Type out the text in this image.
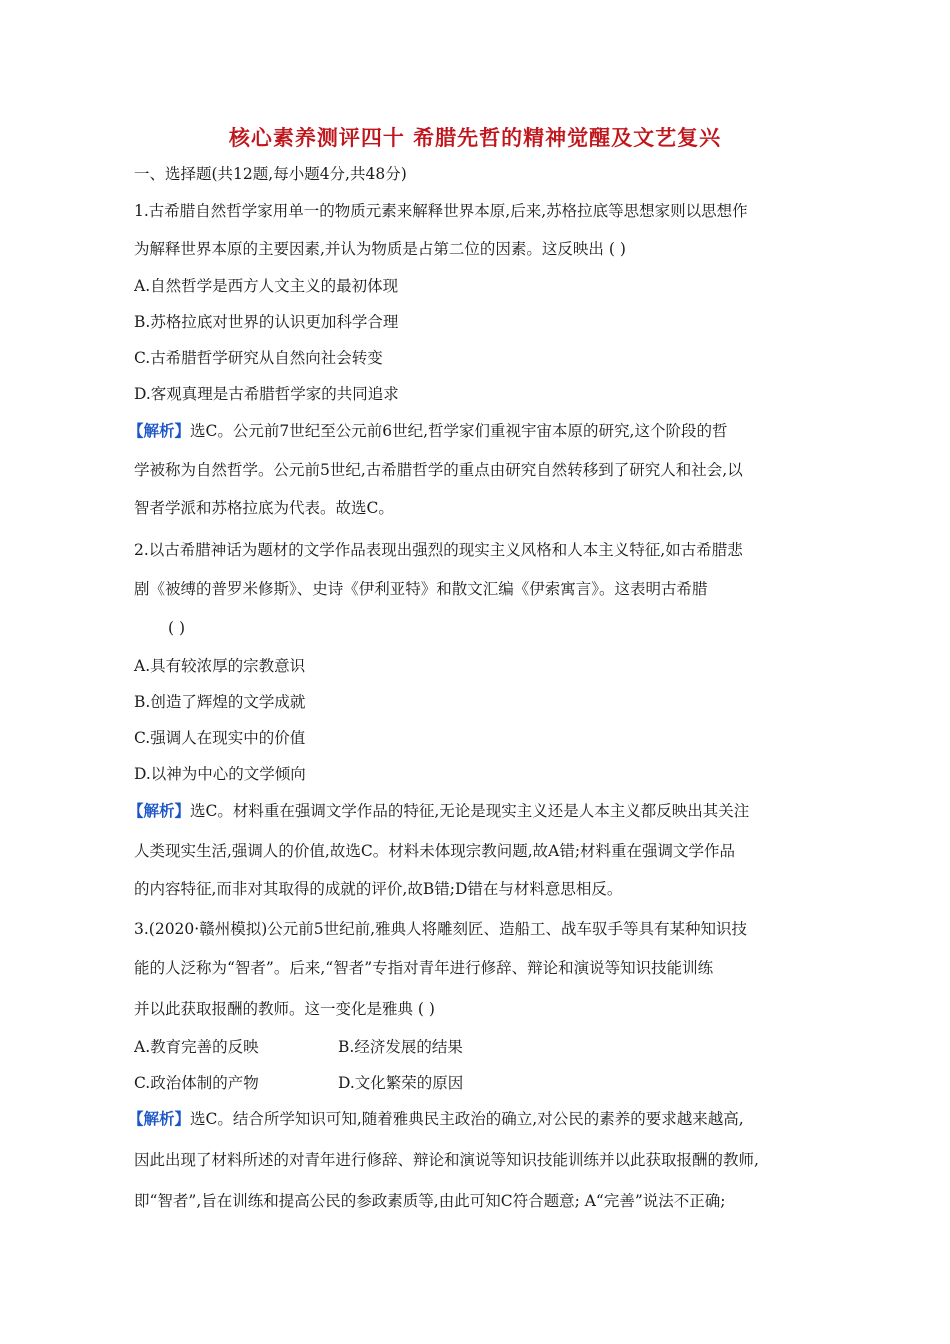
核心素养测评四十 希腊先哲的精神觉醒及文艺复兴
一、选择题(共12题,每小题4分,共48分)
1.古希腊自然哲学家用单一的物质元素来解释世界本原,后来,苏格拉底等思想家则以思想作
为解释世界本原的主要因素,并认为物质是占第二位的因素。这反映出 ( )
A.自然哲学是西方人文主义的最初体现
B.苏格拉底对世界的认识更加科学合理
C.古希腊哲学研究从自然向社会转变
D.客观真理是古希腊哲学家的共同追求
【解析】选C。公元前7世纪至公元前6世纪,哲学家们重视宇宙本原的研究,这个阶段的哲
学被称为自然哲学。公元前5世纪,古希腊哲学的重点由研究自然转移到了研究人和社会,以
智者学派和苏格拉底为代表。故选C。
2.以古希腊神话为题材的文学作品表现出强烈的现实主义风格和人本主义特征,如古希腊悲
剧《被缚的普罗米修斯》、史诗《伊利亚特》和散文汇编《伊索寓言》。这表明古希腊
( )
A.具有较浓厚的宗教意识
B.创造了辉煌的文学成就
C.强调人在现实中的价值
D.以神为中心的文学倾向
【解析】选C。材料重在强调文学作品的特征,无论是现实主义还是人本主义都反映出其关注
人类现实生活,强调人的价值,故选C。材料未体现宗教问题,故A错;材料重在强调文学作品
的内容特征,而非对其取得的成就的评价,故B错;D错在与材料意思相反。
3.(2020·赣州模拟)公元前5世纪前,雅典人将雕刻匠、造船工、战车驭手等具有某种知识技
能的人泛称为“智者”。后来,“智者”专指对青年进行修辞、辩论和演说等知识技能训练
并以此获取报酬的教师。这一变化是雅典 ( )
A.教育完善的反映	B.经济发展的结果
C.政治体制的产物	D.文化繁荣的原因
【解析】选C。结合所学知识可知,随着雅典民主政治的确立,对公民的素养的要求越来越高,
因此出现了材料所述的对青年进行修辞、辩论和演说等知识技能训练并以此获取报酬的教师,
即“智者”,旨在训练和提高公民的参政素质等,由此可知C符合题意; A“完善”说法不正确;
